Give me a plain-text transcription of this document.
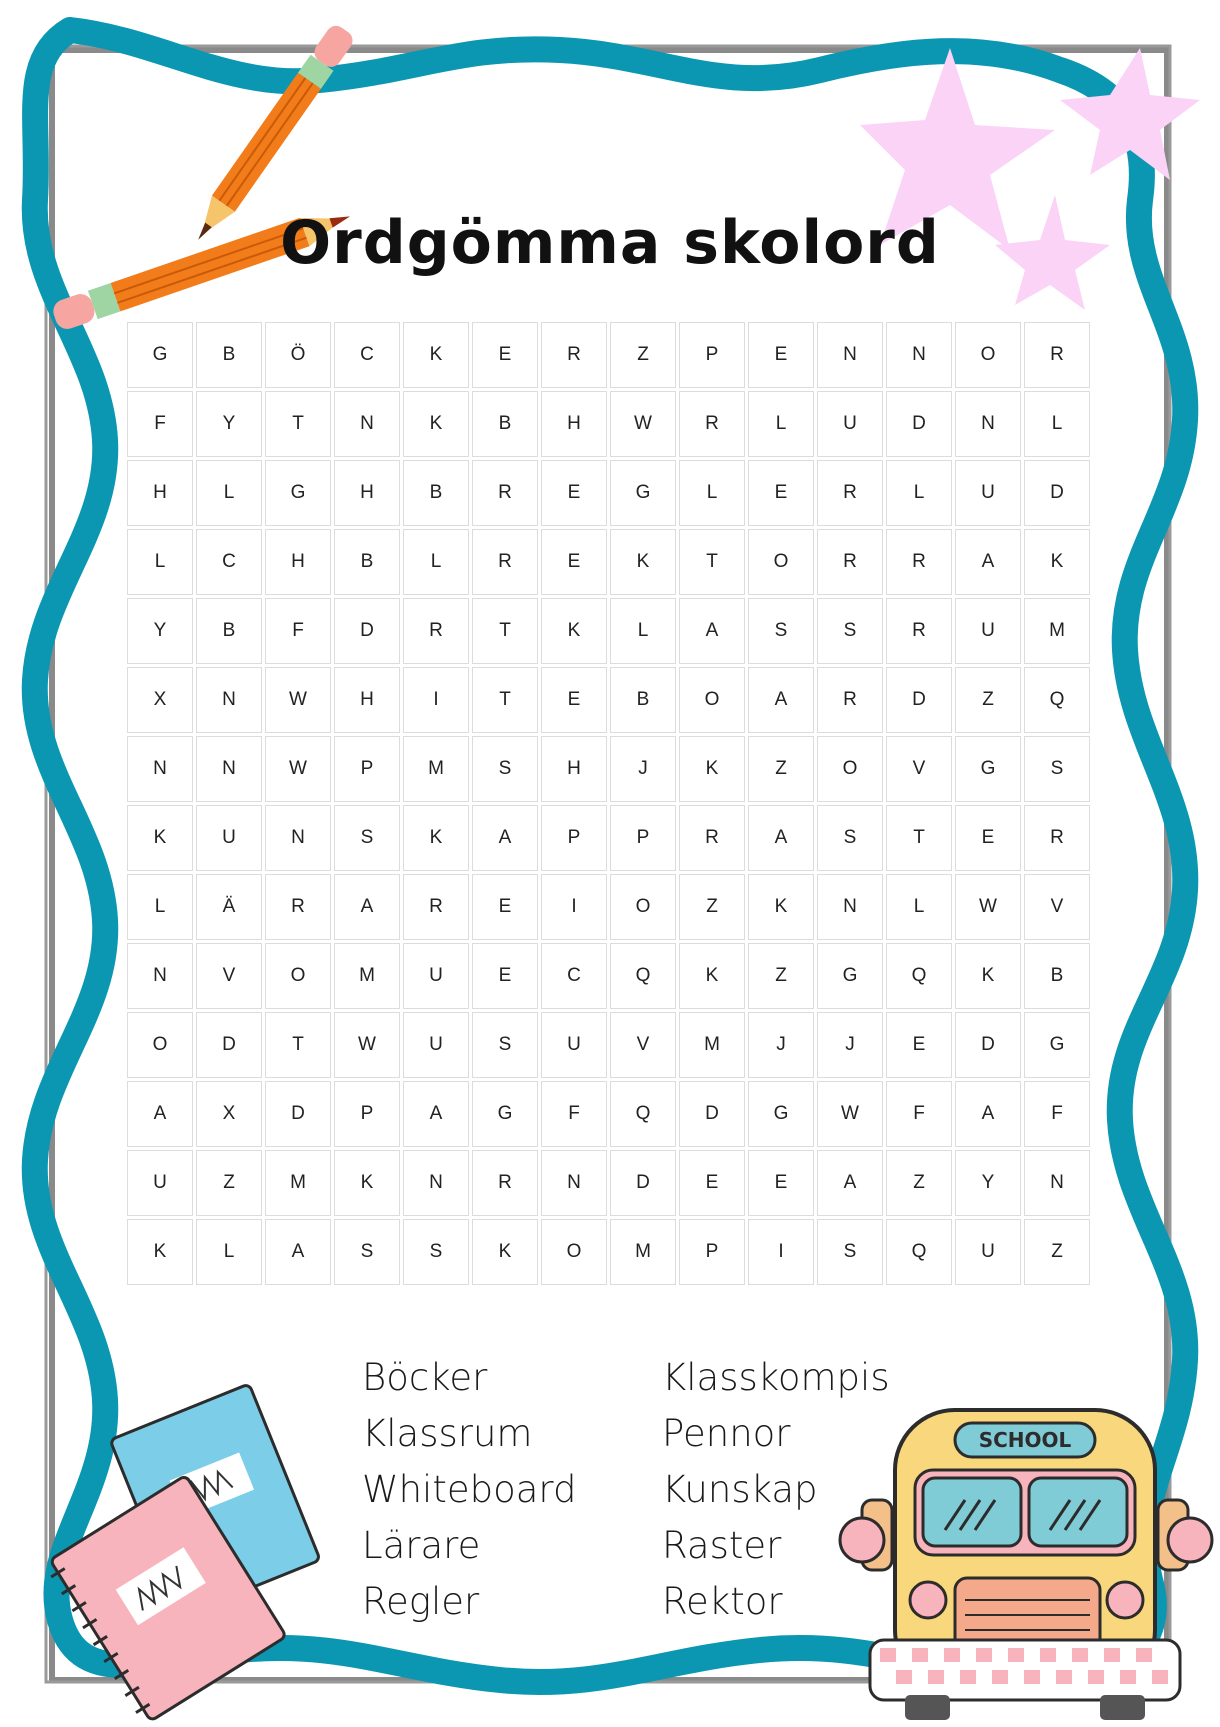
SCHOOL
Ordgömma skolord
G	B	Ö	C	K	E	R	Z	P	E	N	N	O	R
F	Y	T	N	K	B	H	W	R	L	U	D	N	L
H	L	G	H	B	R	E	G	L	E	R	L	U	D
L	C	H	B	L	R	E	K	T	O	R	R	A	K
Y	B	F	D	R	T	K	L	A	S	S	R	U	M
X	N	W	H	I	T	E	B	O	A	R	D	Z	Q
N	N	W	P	M	S	H	J	K	Z	O	V	G	S
K	U	N	S	K	A	P	P	R	A	S	T	E	R
L	Ä	R	A	R	E	I	O	Z	K	N	L	W	V
N	V	O	M	U	E	C	Q	K	Z	G	Q	K	B
O	D	T	W	U	S	U	V	M	J	J	E	D	G
A	X	D	P	A	G	F	Q	D	G	W	F	A	F
U	Z	M	K	N	R	N	D	E	E	A	Z	Y	N
K	L	A	S	S	K	O	M	P	I	S	Q	U	Z
Böcker
Klassrum
Whiteboard
Lärare
Regler
Klasskompis
Pennor
Kunskap
Raster
Rektor
